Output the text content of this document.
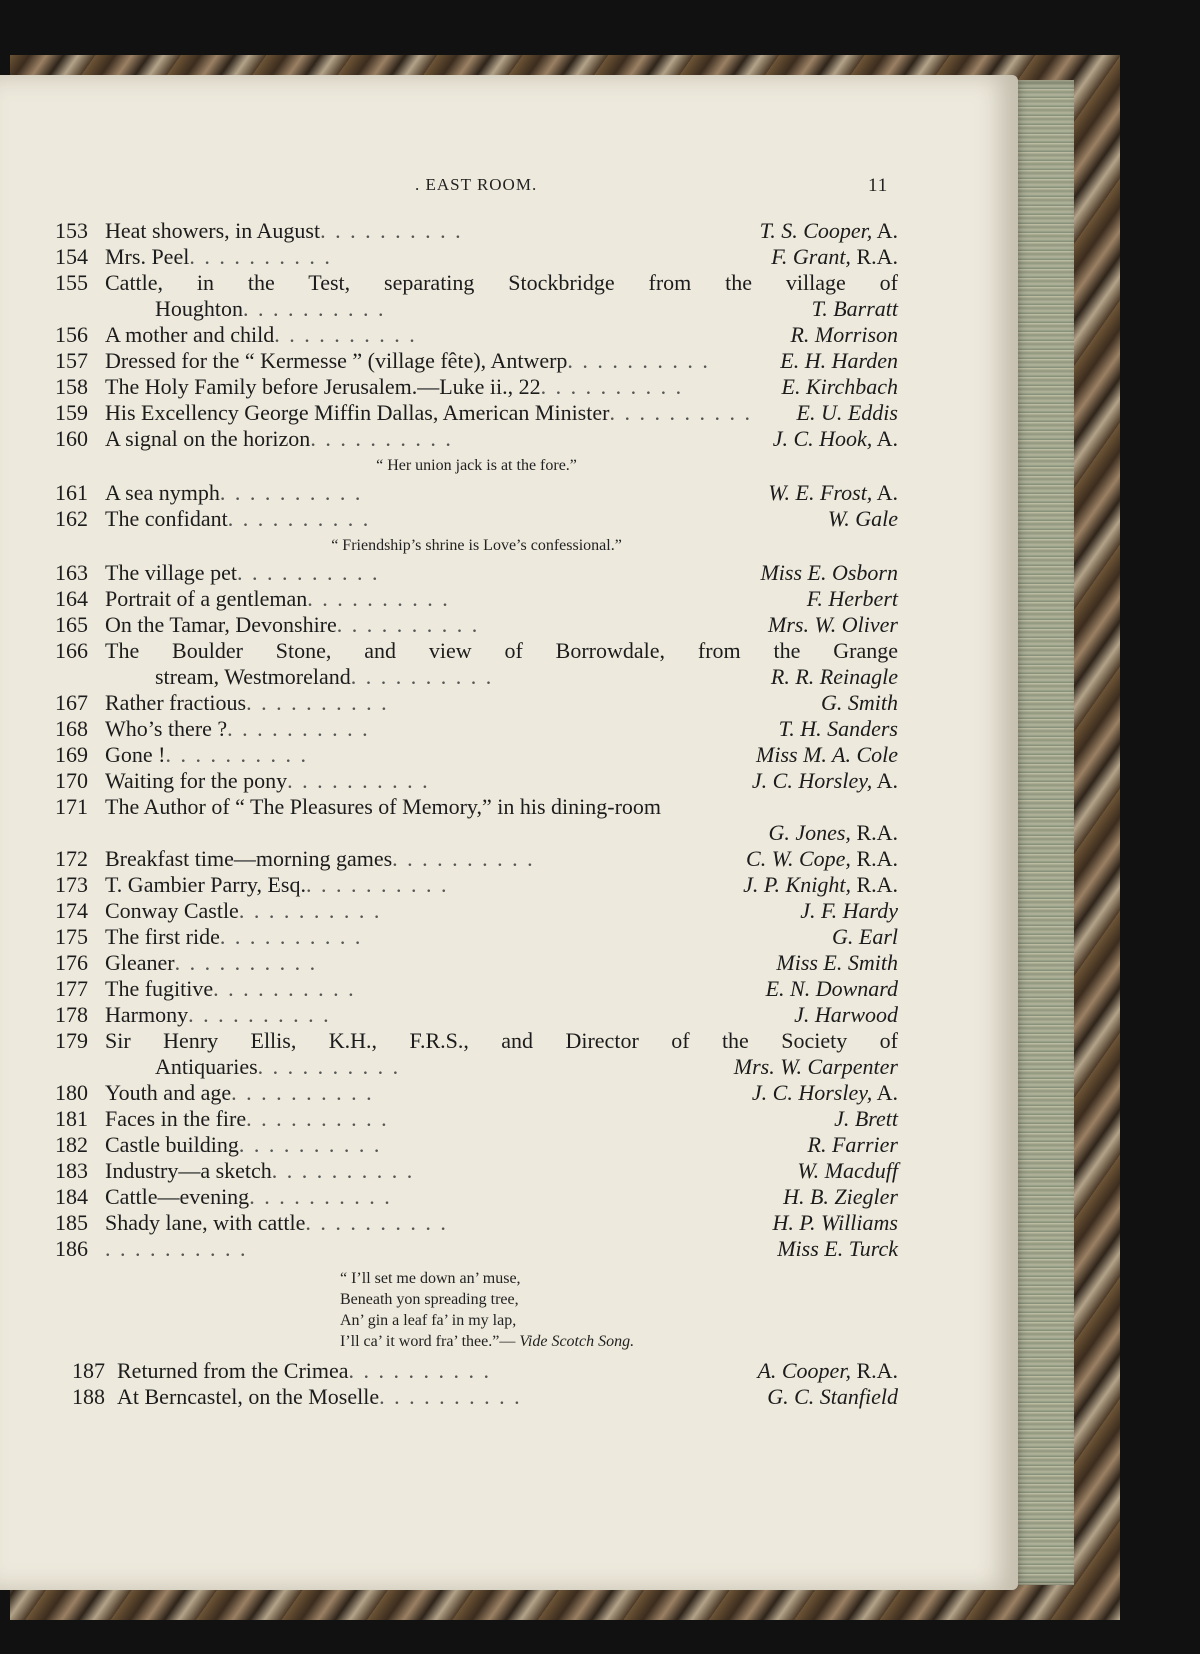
. EAST ROOM.	11
153 Heat showers, in August .	T. S. Cooper, A.
154 Mrs. Peel .	F. Grant, R.A.
155 Cattle, in the Test, separating Stockbridge from the village of
Houghton .	T. Barratt
156 A mother and child .	R. Morrison
157 Dressed for the “ Kermesse ” (village fête), Antwerp .	E. H. Harden
158 The Holy Family before Jerusalem.—Luke ii., 22 .	E. Kirchbach
159 His Excellency George Miffin Dallas, American Minister .	E. U. Eddis
160 A signal on the horizon .	J. C. Hook, A.
“ Her union jack is at the fore.”
161 A sea nymph .	W. E. Frost, A.
162 The confidant .	W. Gale
“ Friendship’s shrine is Love’s confessional.”
163 The village pet .	Miss E. Osborn
164 Portrait of a gentleman .	F. Herbert
165 On the Tamar, Devonshire .	Mrs. W. Oliver
166 The Boulder Stone, and view of Borrowdale, from the Grange
stream, Westmoreland .	R. R. Reinagle
167 Rather fractious .	G. Smith
168 Who’s there ? .	T. H. Sanders
169 Gone ! .	Miss M. A. Cole
170 Waiting for the pony .	J. C. Horsley, A.
171 The Author of “ The Pleasures of Memory,” in his dining-room
G. Jones, R.A.
172 Breakfast time—morning games .	C. W. Cope, R.A.
173 T. Gambier Parry, Esq. .	J. P. Knight, R.A.
174 Conway Castle .	J. F. Hardy
175 The first ride .	G. Earl
176 Gleaner .	Miss E. Smith
177 The fugitive .	E. N. Downard
178 Harmony .	J. Harwood
179 Sir Henry Ellis, K.H., F.R.S., and Director of the Society of
Antiquaries .	Mrs. W. Carpenter
180 Youth and age .	J. C. Horsley, A.
181 Faces in the fire .	J. Brett
182 Castle building .	R. Farrier
183 Industry—a sketch .	W. Macduff
184 Cattle—evening .	H. B. Ziegler
185 Shady lane, with cattle .	H. P. Williams
186 .	Miss E. Turck
“ I’ll set me down an’ muse,
Beneath yon spreading tree,
An’ gin a leaf fa’ in my lap,
I’ll ca’ it word fra’ thee.”— Vide Scotch Song.
187 Returned from the Crimea .	A. Cooper, R.A.
188 At Berncastel, on the Moselle .	G. C. Stanfield
